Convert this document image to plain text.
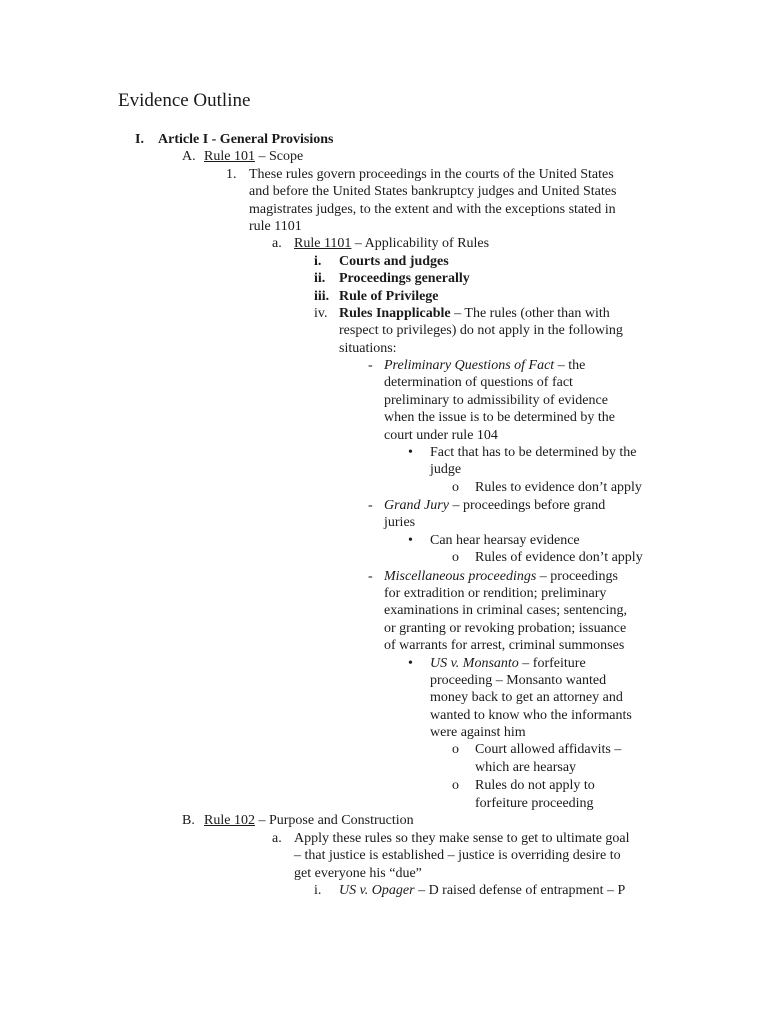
Evidence Outline
I. Article I - General Provisions
A. Rule 101 – Scope
1. These rules govern proceedings in the courts of the United States
and before the United States bankruptcy judges and United States
magistrates judges, to the extent and with the exceptions stated in
rule 1101
a. Rule 1101 – Applicability of Rules
i. Courts and judges
ii. Proceedings generally
iii. Rule of Privilege
iv. Rules Inapplicable – The rules (other than with
respect to privileges) do not apply in the following
situations:
- Preliminary Questions of Fact – the
determination of questions of fact
preliminary to admissibility of evidence
when the issue is to be determined by the
court under rule 104
• Fact that has to be determined by the
judge
o Rules to evidence don’t apply
- Grand Jury – proceedings before grand
juries
• Can hear hearsay evidence
o Rules of evidence don’t apply
- Miscellaneous proceedings – proceedings
for extradition or rendition; preliminary
examinations in criminal cases; sentencing,
or granting or revoking probation; issuance
of warrants for arrest, criminal summonses
• US v. Monsanto – forfeiture
proceeding – Monsanto wanted
money back to get an attorney and
wanted to know who the informants
were against him
o Court allowed affidavits –
which are hearsay
o Rules do not apply to
forfeiture proceeding
B. Rule 102 – Purpose and Construction
a. Apply these rules so they make sense to get to ultimate goal
– that justice is established – justice is overriding desire to
get everyone his “due”
i. US v. Opager – D raised defense of entrapment – P
